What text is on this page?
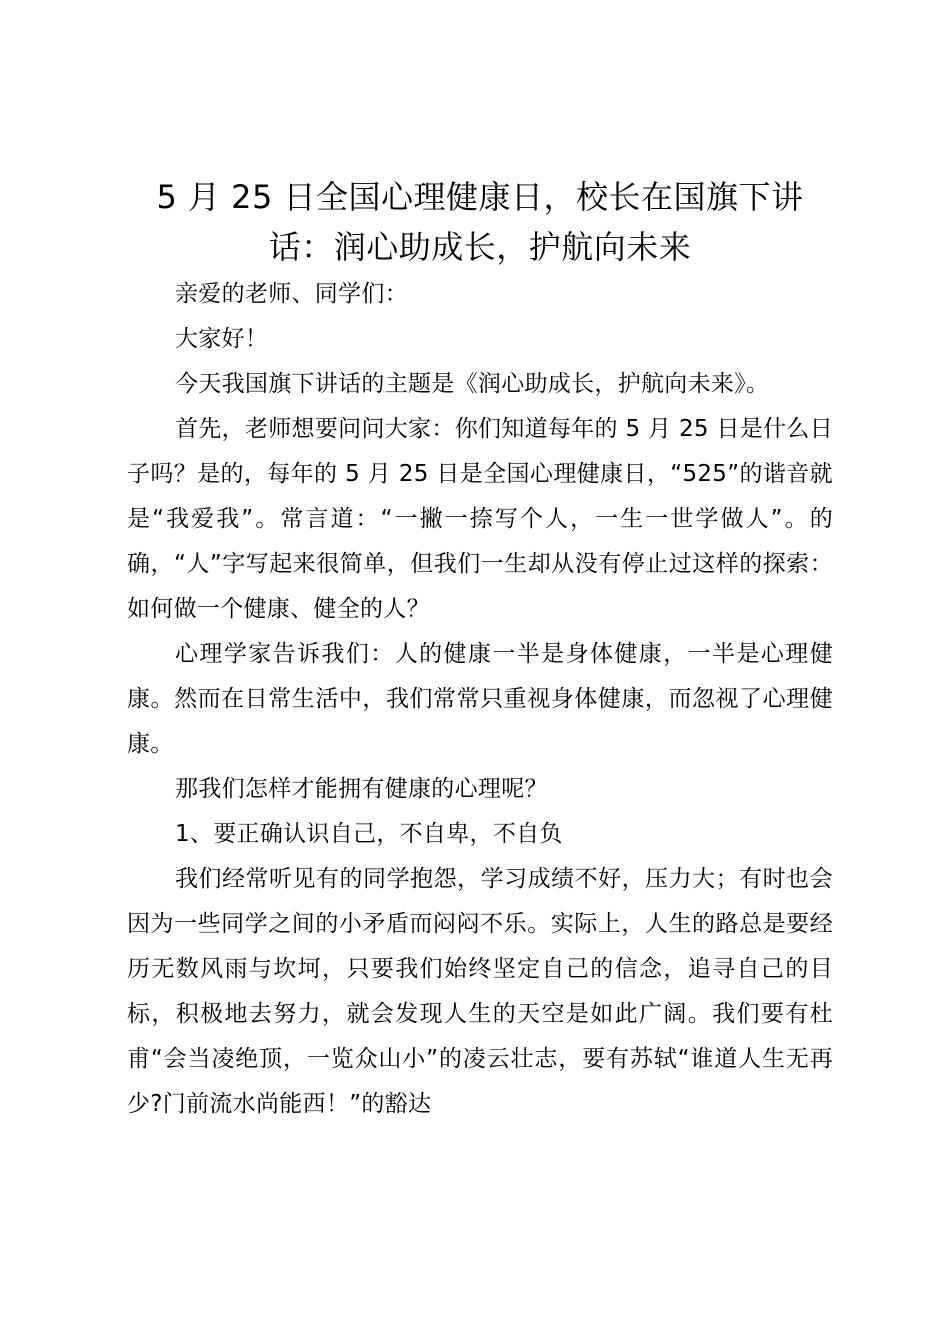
5 月 25 日全国心理健康日，校长在国旗下讲话：润心助成长，护航向未来

亲爱的老师、同学们：

大家好！

今天我国旗下讲话的主题是《润心助成长，护航向未来》。

首先，老师想要问问大家：你们知道每年的 5 月 25 日是什么日子吗？是的，每年的 5 月 25 日是全国心理健康日，“525”的谐音就是“我爱我”。常言道：“一撇一捺写个人，一生一世学做人”。的确，“人”字写起来很简单，但我们一生却从没有停止过这样的探索：如何做一个健康、健全的人？

心理学家告诉我们：人的健康一半是身体健康，一半是心理健康。然而在日常生活中，我们常常只重视身体健康，而忽视了心理健康。

那我们怎样才能拥有健康的心理呢？

1、要正确认识自己，不自卑，不自负

我们经常听见有的同学抱怨，学习成绩不好，压力大；有时也会因为一些同学之间的小矛盾而闷闷不乐。实际上，人生的路总是要经历无数风雨与坎坷，只要我们始终坚定自己的信念，追寻自己的目标，积极地去努力，就会发现人生的天空是如此广阔。我们要有杜甫“会当凌绝顶，一览众山小”的凌云壮志，要有苏轼“谁道人生无再少?门前流水尚能西！”的豁达
